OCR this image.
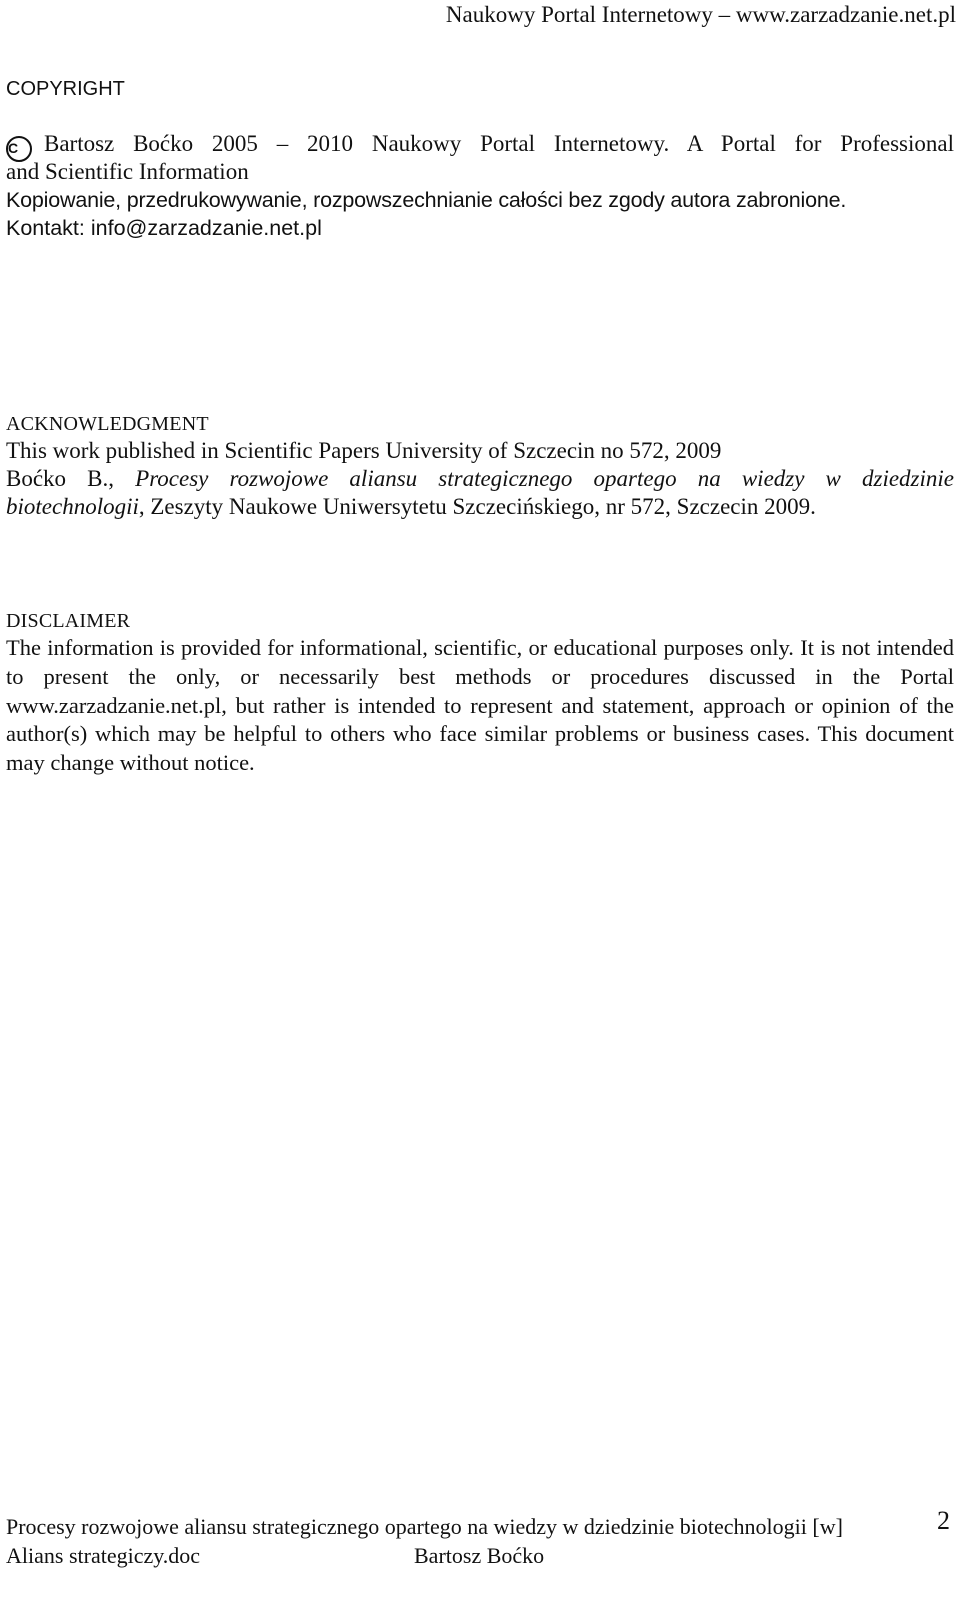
Naukowy Portal Internetowy – www.zarzadzanie.net.pl
COPYRIGHT
C Bartosz Boćko 2005 – 2010 Naukowy Portal Internetowy. A Portal for Professional
and Scientific Information
Kopiowanie, przedrukowywanie, rozpowszechnianie całości bez zgody autora zabronione.
Kontakt: info@zarzadzanie.net.pl
ACKNOWLEDGMENT
This work published in Scientific Papers University of Szczecin no 572, 2009
Boćko B., Procesy rozwojowe aliansu strategicznego opartego na wiedzy w dziedzinie
biotechnologii, Zeszyty Naukowe Uniwersytetu Szczecińskiego, nr 572, Szczecin 2009.
DISCLAIMER
The information is provided for informational, scientific, or educational purposes only. It is not intended to present the only, or necessarily best methods or procedures discussed in the Portal www.zarzadzanie.net.pl, but rather is intended to represent and statement, approach or opinion of the author(s) which may be helpful to others who face similar problems or business cases. This document may change without notice.
Procesy rozwojowe aliansu strategicznego opartego na wiedzy w dziedzinie biotechnologii [w]
Alians strategiczy.doc	Bartosz Boćko
2
